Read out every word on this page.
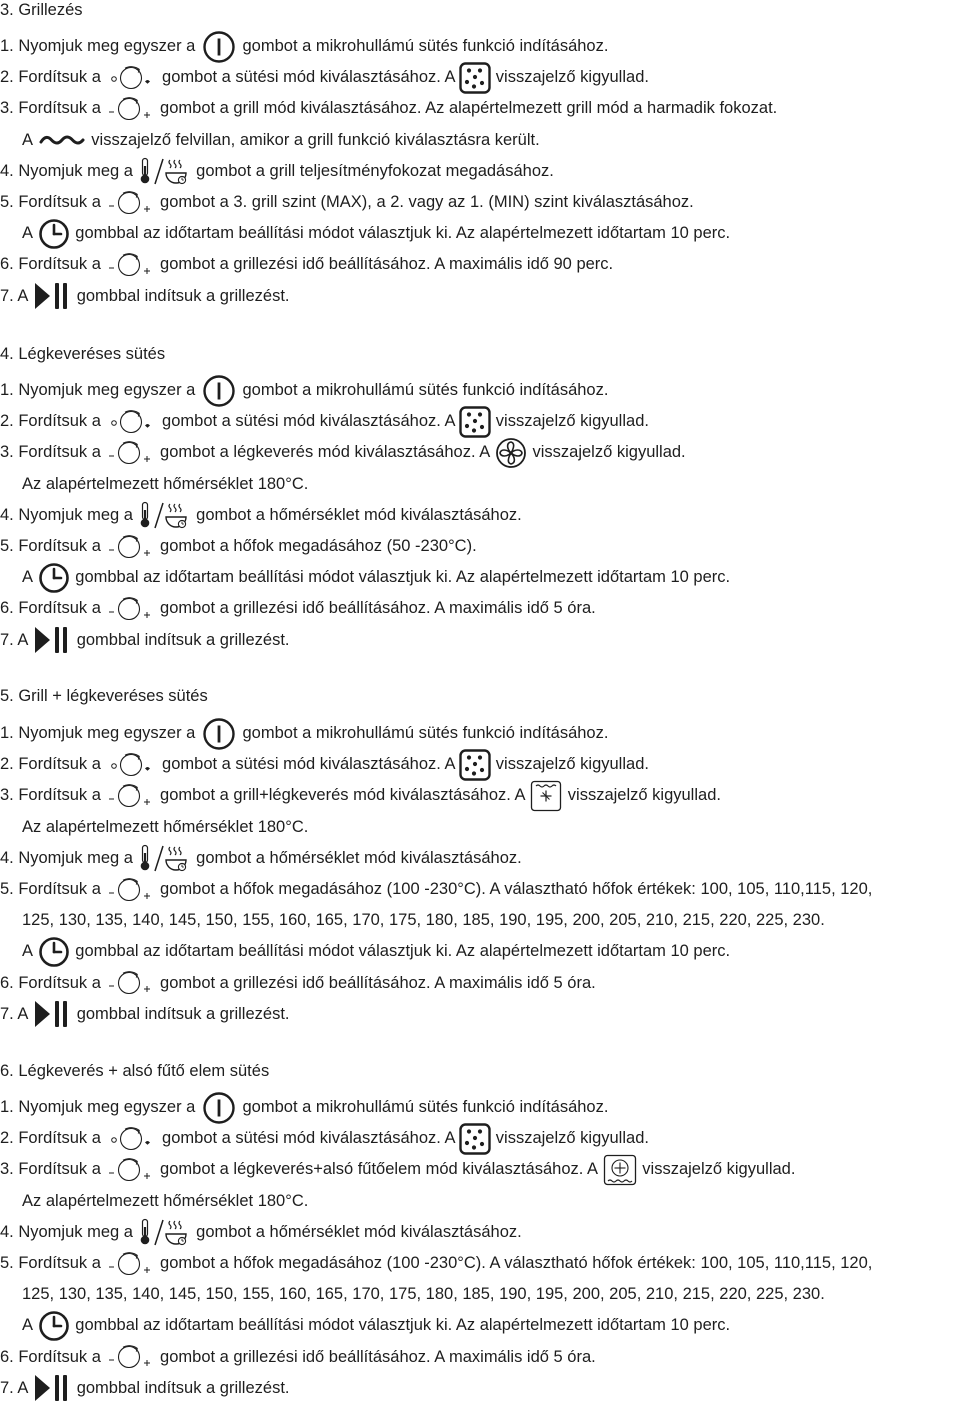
3. Grillezés
1. Nyomjuk meg egyszer a gombot a mikrohullámú sütés funkció indításához.
2. Fordítsuk a	gombot a sütési mód kiválasztásához. A visszajelző kigyullad.
3. Fordítsuk a	gombot a grill mód kiválasztásához. Az alapértelmezett grill mód a harmadik fokozat.
A	visszajelző felvillan, amikor a grill funkció kiválasztásra került.
4. Nyomjuk meg a	gombot a grill teljesítményfokozat megadásához.
5. Fordítsuk a	gombot a 3. grill szint (MAX), a 2. vagy az 1. (MIN) szint kiválasztásához.
A gombbal az időtartam beállítási módot választjuk ki. Az alapértelmezett időtartam 10 perc.
6. Fordítsuk a	gombot a grillezési idő beállításához. A maximális idő 90 perc.
7. A gombbal indítsuk a grillezést.
4. Légkeveréses sütés
1. Nyomjuk meg egyszer a gombot a mikrohullámú sütés funkció indításához.
2. Fordítsuk a	gombot a sütési mód kiválasztásához. A visszajelző kigyullad.
3. Fordítsuk a	gombot a légkeverés mód kiválasztásához. A visszajelző kigyullad.
Az alapértelmezett hőmérséklet 180°C.
4. Nyomjuk meg a	gombot a hőmérséklet mód kiválasztásához.
5. Fordítsuk a	gombot a hőfok megadásához (50 -230°C).
A gombbal az időtartam beállítási módot választjuk ki. Az alapértelmezett időtartam 10 perc.
6. Fordítsuk a	gombot a grillezési idő beállításához. A maximális idő 5 óra.
7. A gombbal indítsuk a grillezést.
5. Grill + légkeveréses sütés
1. Nyomjuk meg egyszer a gombot a mikrohullámú sütés funkció indításához.
2. Fordítsuk a	gombot a sütési mód kiválasztásához. A visszajelző kigyullad.
3. Fordítsuk a	gombot a grill+légkeverés mód kiválasztásához. A visszajelző kigyullad.
Az alapértelmezett hőmérséklet 180°C.
4. Nyomjuk meg a	gombot a hőmérséklet mód kiválasztásához.
5. Fordítsuk a	gombot a hőfok megadásához (100 -230°C). A választható hőfok értékek: 100, 105, 110,115, 120,
125, 130, 135, 140, 145, 150, 155, 160, 165, 170, 175, 180, 185, 190, 195, 200, 205, 210, 215, 220, 225, 230.
A gombbal az időtartam beállítási módot választjuk ki. Az alapértelmezett időtartam 10 perc.
6. Fordítsuk a	gombot a grillezési idő beállításához. A maximális idő 5 óra.
7. A gombbal indítsuk a grillezést.
6. Légkeverés + alsó fűtő elem sütés
1. Nyomjuk meg egyszer a gombot a mikrohullámú sütés funkció indításához.
2. Fordítsuk a	gombot a sütési mód kiválasztásához. A visszajelző kigyullad.
3. Fordítsuk a	gombot a légkeverés+alsó fűtőelem mód kiválasztásához. A visszajelző kigyullad.
Az alapértelmezett hőmérséklet 180°C.
4. Nyomjuk meg a	gombot a hőmérséklet mód kiválasztásához.
5. Fordítsuk a	gombot a hőfok megadásához (100 -230°C). A választható hőfok értékek: 100, 105, 110,115, 120,
125, 130, 135, 140, 145, 150, 155, 160, 165, 170, 175, 180, 185, 190, 195, 200, 205, 210, 215, 220, 225, 230.
A gombbal az időtartam beállítási módot választjuk ki. Az alapértelmezett időtartam 10 perc.
6. Fordítsuk a	gombot a grillezési idő beállításához. A maximális idő 5 óra.
7. A gombbal indítsuk a grillezést.
